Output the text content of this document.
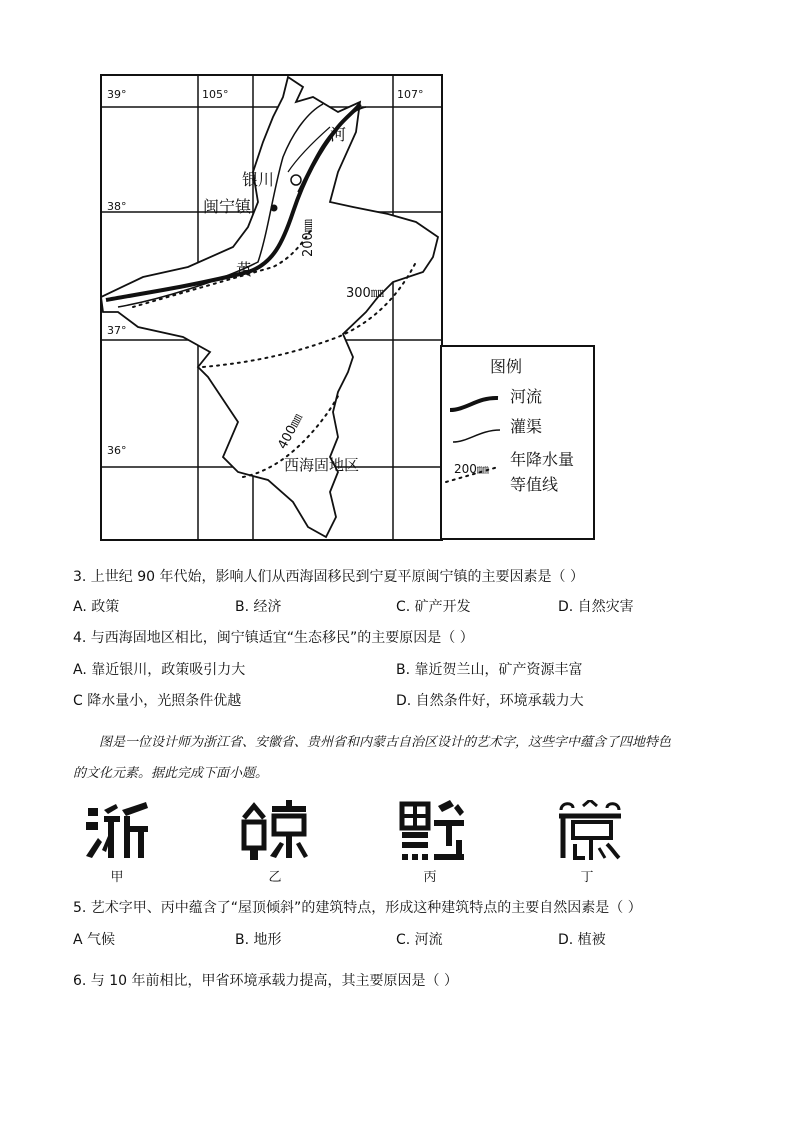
39°	105°	107°
38°
37°
36°
银川
闽宁镇
河
黄
西海固地区
200㎜
300㎜
400㎜
图例
河流
灌渠
200㎜ 年降水量
等值线
3. 上世纪 90 年代始，影响人们从西海固移民到宁夏平原闽宁镇的主要因素是（ ）
A. 政策	B. 经济	C. 矿产开发	D. 自然灾害
4. 与西海固地区相比，闽宁镇适宜“生态移民”的主要原因是（ ）
A. 靠近银川，政策吸引力大	B. 靠近贺兰山，矿产资源丰富
C 降水量小，光照条件优越	D. 自然条件好，环境承载力大
图是一位设计师为浙江省、安徽省、贵州省和内蒙古自治区设计的艺术字，这些字中蕴含了四地特色
的文化元素。据此完成下面小题。
甲	乙	丙	丁
5. 艺术字甲、丙中蕴含了“屋顶倾斜”的建筑特点，形成这种建筑特点的主要自然因素是（ ）
A 气候	B. 地形	C. 河流	D. 植被
6. 与 10 年前相比，甲省环境承载力提高，其主要原因是（ ）
